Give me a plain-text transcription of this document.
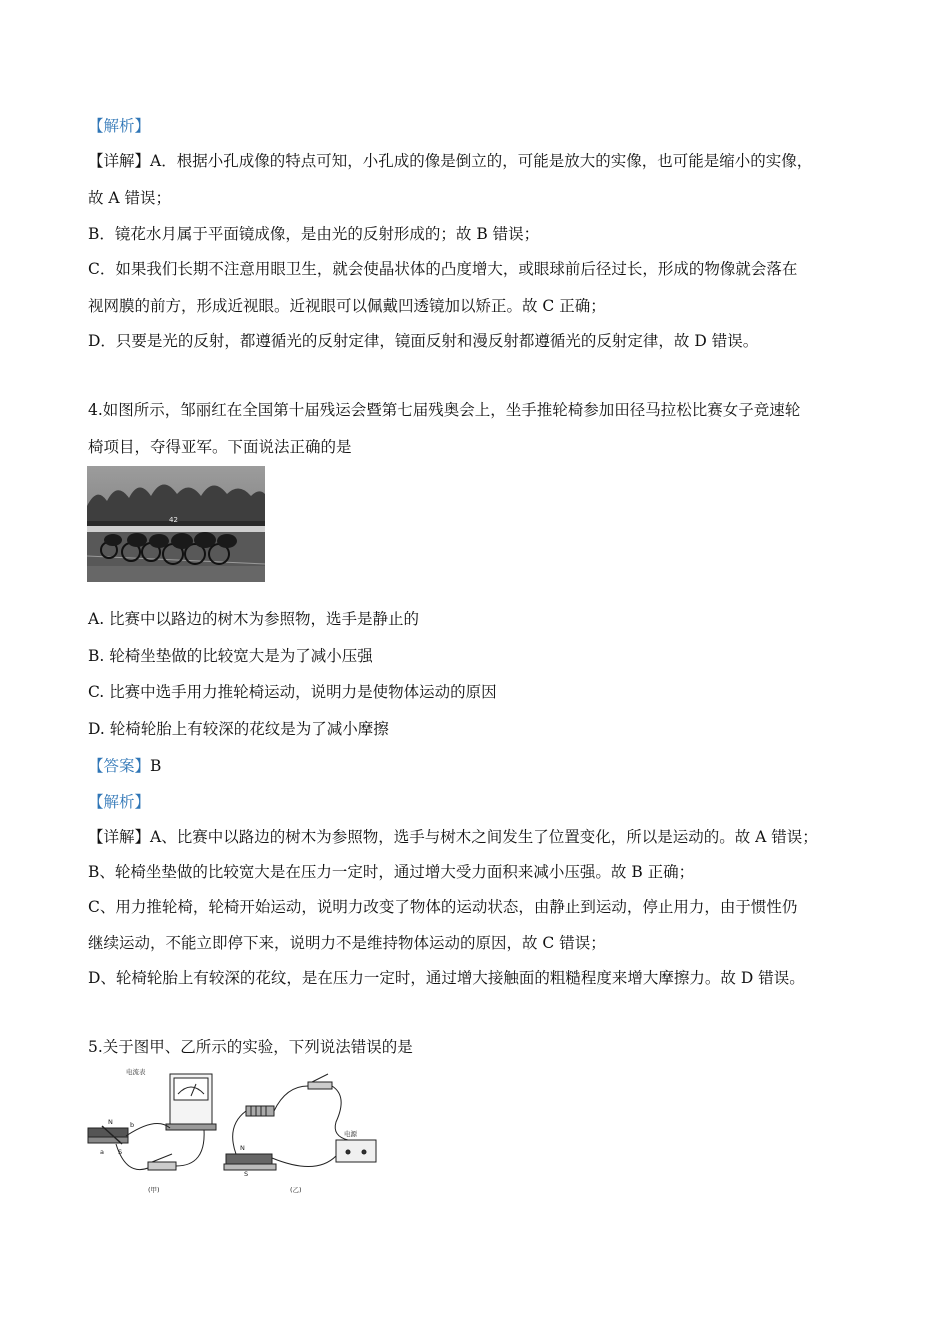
【解析】
【详解】A．根据小孔成像的特点可知，小孔成的像是倒立的，可能是放大的实像，也可能是缩小的实像，
故 A 错误；
B．镜花水月属于平面镜成像，是由光的反射形成的；故 B 错误；
C．如果我们长期不注意用眼卫生，就会使晶状体的凸度增大，或眼球前后径过长，形成的物像就会落在
视网膜的前方，形成近视眼。近视眼可以佩戴凹透镜加以矫正。故 C 正确；
D．只要是光的反射，都遵循光的反射定律，镜面反射和漫反射都遵循光的反射定律，故 D 错误。
4.如图所示，邹丽红在全国第十届残运会暨第七届残奥会上，坐手推轮椅参加田径马拉松比赛女子竞速轮
椅项目，夺得亚军。下面说法正确的是
42
A. 比赛中以路边的树木为参照物，选手是静止的
B. 轮椅坐垫做的比较宽大是为了减小压强
C. 比赛中选手用力推轮椅运动，说明力是使物体运动的原因
D. 轮椅轮胎上有较深的花纹是为了减小摩擦
【答案】B
【解析】
【详解】A、比赛中以路边的树木为参照物，选手与树木之间发生了位置变化，所以是运动的。故 A 错误；
B、轮椅坐垫做的比较宽大是在压力一定时，通过增大受力面积来减小压强。故 B 正确；
C、用力推轮椅，轮椅开始运动，说明力改变了物体的运动状态，由静止到运动，停止用力，由于惯性仍
继续运动，不能立即停下来，说明力不是维持物体运动的原因，故 C 错误；
D、轮椅轮胎上有较深的花纹，是在压力一定时，通过增大接触面的粗糙程度来增大摩擦力。故 D 错误。
5.关于图甲、乙所示的实验，下列说法错误的是
电流表
N	b
a S	N
S
电源
(甲)	(乙)
